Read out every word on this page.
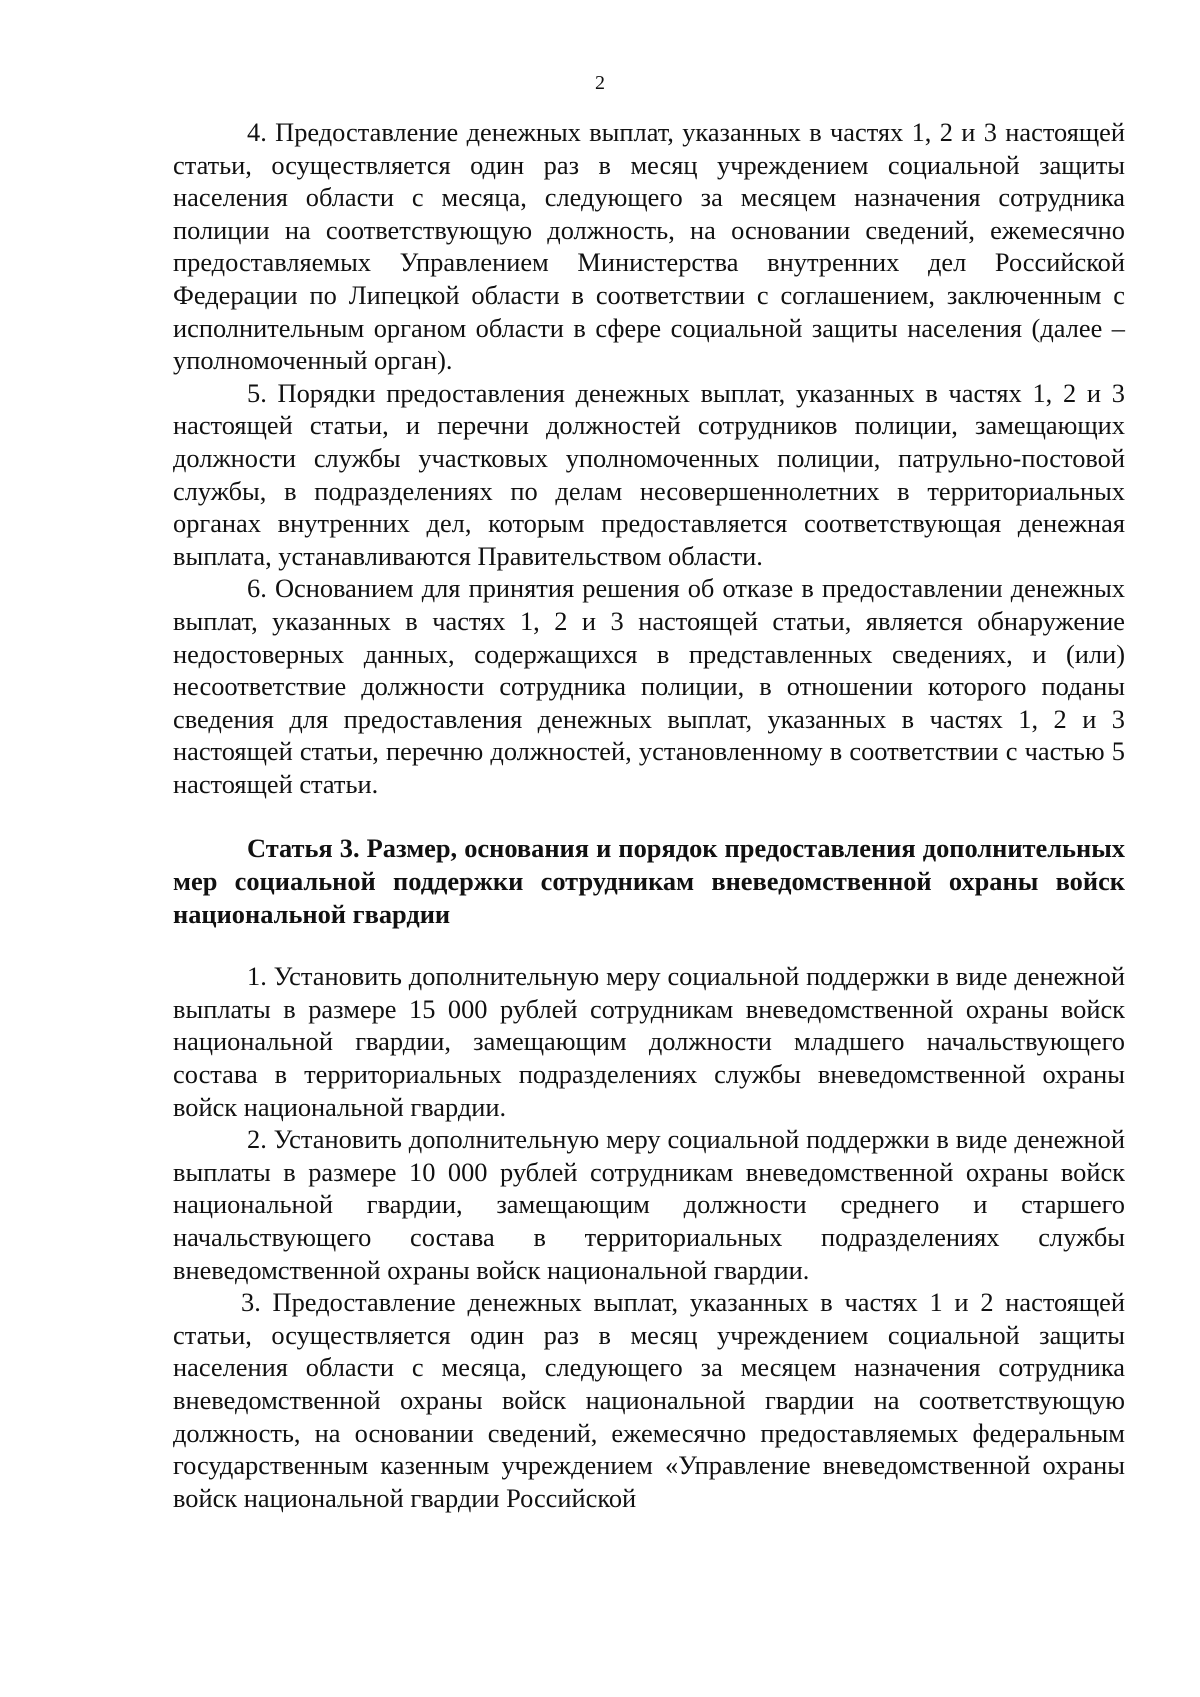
2

4. Предоставление денежных выплат, указанных в частях 1, 2 и 3 настоящей статьи, осуществляется один раз в месяц учреждением социальной защиты населения области с месяца, следующего за месяцем назначения сотрудника полиции на соответствующую должность, на основании сведений, ежемесячно предоставляемых Управлением Министерства внутренних дел Российской Федерации по Липецкой области в соответствии с соглашением, заключенным с исполнительным органом области в сфере социальной защиты населения (далее – уполномоченный орган).

5. Порядки предоставления денежных выплат, указанных в частях 1, 2 и 3 настоящей статьи, и перечни должностей сотрудников полиции, замещающих должности службы участковых уполномоченных полиции, патрульно-постовой службы, в подразделениях по делам несовершеннолетних в территориальных органах внутренних дел, которым предоставляется соответствующая денежная выплата, устанавливаются Правительством области.

6. Основанием для принятия решения об отказе в предоставлении денежных выплат, указанных в частях 1, 2 и 3 настоящей статьи, является обнаружение недостоверных данных, содержащихся в представленных сведениях, и (или) несоответствие должности сотрудника полиции, в отношении которого поданы сведения для предоставления денежных выплат, указанных в частях 1, 2 и 3 настоящей статьи, перечню должностей, установленному в соответствии с частью 5 настоящей статьи.

Статья 3. Размер, основания и порядок предоставления дополнительных мер социальной поддержки сотрудникам вневедомственной охраны войск национальной гвардии

1. Установить дополнительную меру социальной поддержки в виде денежной выплаты в размере 15 000 рублей сотрудникам вневедомственной охраны войск национальной гвардии, замещающим должности младшего начальствующего состава в территориальных подразделениях службы вневедомственной охраны войск национальной гвардии.

2. Установить дополнительную меру социальной поддержки в виде денежной выплаты в размере 10 000 рублей сотрудникам вневедомственной охраны войск национальной гвардии, замещающим должности среднего и старшего начальствующего состава в территориальных подразделениях службы вневедомственной охраны войск национальной гвардии.

3. Предоставление денежных выплат, указанных в частях 1 и 2 настоящей статьи, осуществляется один раз в месяц учреждением социальной защиты населения области с месяца, следующего за месяцем назначения сотрудника вневедомственной охраны войск национальной гвардии на соответствующую должность, на основании сведений, ежемесячно предоставляемых федеральным государственным казенным учреждением «Управление вневедомственной охраны войск национальной гвардии Российской
